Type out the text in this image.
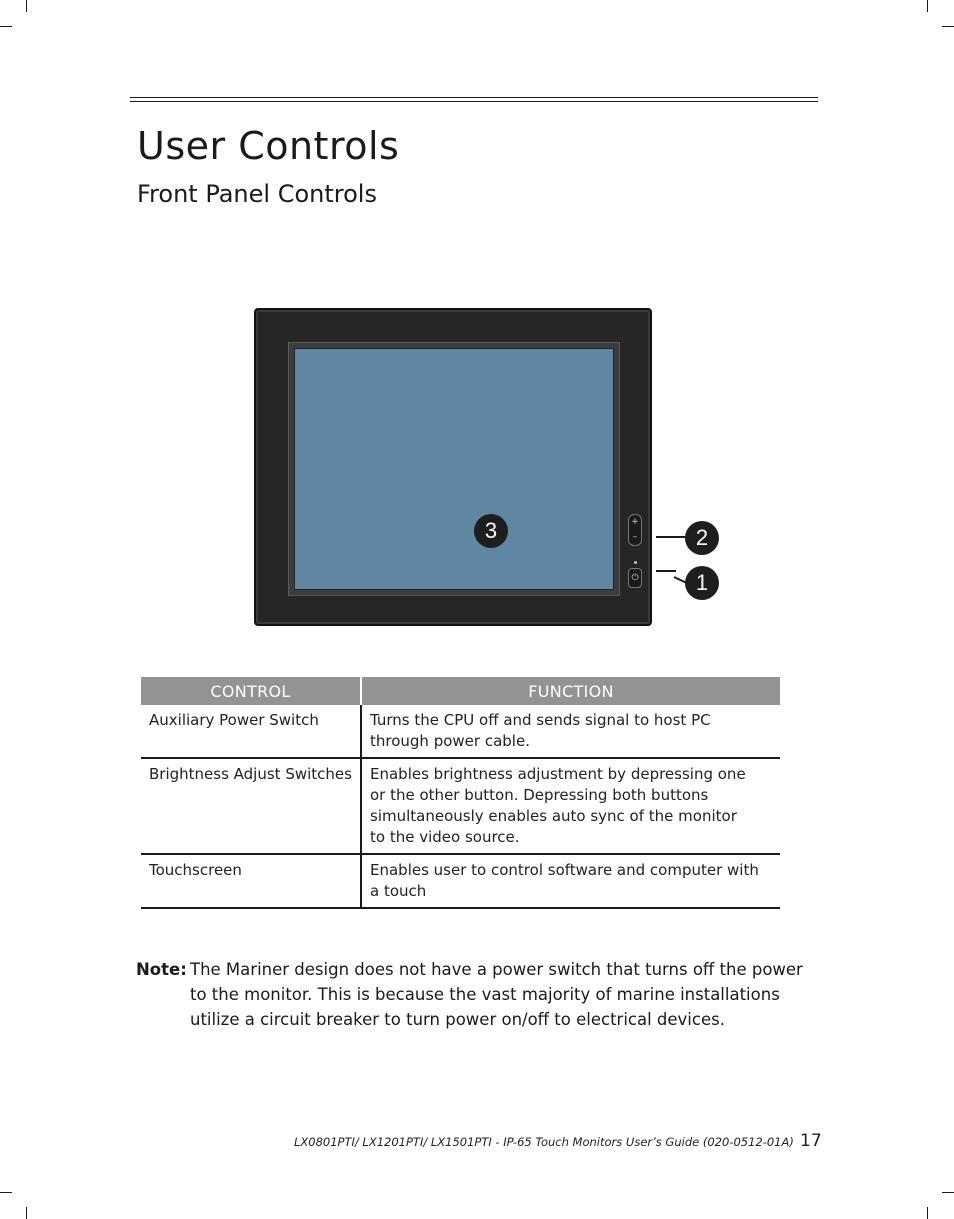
User Controls
Front Panel Controls
3	+
–
⏻
2
1
CONTROL	FUNCTION
Auxiliary Power Switch	Turns the CPU off and sends signal to host PC through power cable.
Brightness Adjust Switches	Enables brightness adjustment by depressing one or the other button. Depressing both buttons simultaneously enables auto sync of the monitor to the video source.
Touchscreen	Enables user to control software and computer with a touch
Note: The Mariner design does not have a power switch that turns off the power to the monitor. This is because the vast majority of marine installations utilize a circuit breaker to turn power on/off to electrical devices.
LX0801PTI/ LX1201PTI/ LX1501PTI - IP-65 Touch Monitors User’s Guide (020-0512-01A) 17
